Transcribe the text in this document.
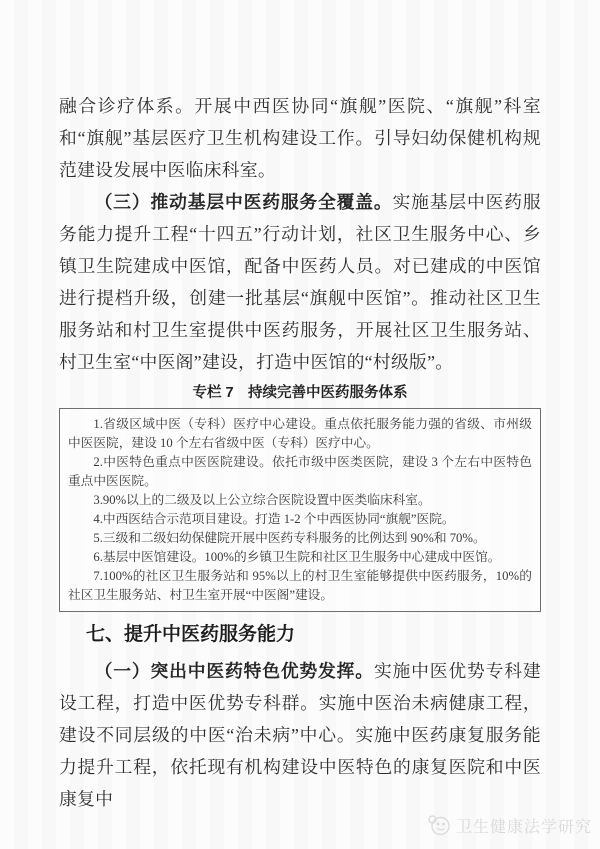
融合诊疗体系。开展中西医协同“旗舰”医院、“旗舰”科室和“旗舰”基层医疗卫生机构建设工作。引导妇幼保健机构规范建设发展中医临床科室。

（三）推动基层中医药服务全覆盖。实施基层中医药服务能力提升工程“十四五”行动计划，社区卫生服务中心、乡镇卫生院建成中医馆，配备中医药人员。对已建成的中医馆进行提档升级，创建一批基层“旗舰中医馆”。推动社区卫生服务站和村卫生室提供中医药服务，开展社区卫生服务站、村卫生室“中医阁”建设，打造中医馆的“村级版”。

专栏 7　持续完善中医药服务体系

1.省级区域中医（专科）医疗中心建设。重点依托服务能力强的省级、市州级中医医院，建设 10 个左右省级中医（专科）医疗中心。

2.中医特色重点中医医院建设。依托市级中医类医院，建设 3 个左右中医特色重点中医医院。

3.90%以上的二级及以上公立综合医院设置中医类临床科室。

4.中西医结合示范项目建设。打造 1-2 个中西医协同“旗舰”医院。

5.三级和二级妇幼保健院开展中医药专科服务的比例达到 90%和 70%。

6.基层中医馆建设。100%的乡镇卫生院和社区卫生服务中心建成中医馆。

7.100%的社区卫生服务站和 95%以上的村卫生室能够提供中医药服务，10%的社区卫生服务站、村卫生室开展“中医阁”建设。

七、提升中医药服务能力

（一）突出中医药特色优势发挥。实施中医优势专科建设工程，打造中医优势专科群。实施中医治未病健康工程，建设不同层级的中医“治未病”中心。实施中医药康复服务能力提升工程，依托现有机构建设中医特色的康复医院和中医康复中

卫生健康法学研究
